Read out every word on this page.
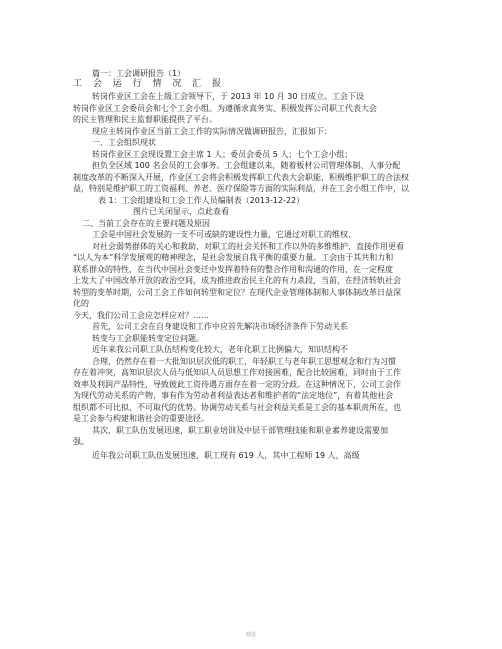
篇一：工会调研报告（1）
工 会 运 行 情 况 汇 报
转岗作业区工会在上级工会领导下，于 2013 年 10 月 30 日成立。工会下设
转岗作业区工会委员会和七个工会小组。为遵循求真务实、积极发挥公司职工代表大会
的民主管理和民主监督职能提供了平台。
现应主转岗作业区当前工会工作的实际情况做调研报告，汇报如下：
一、工会组织现状
转岗作业区工会现设置工会主席 1 人；委员会委员 5 人；七个工会小组；
担负全区域 100 名会员的工会事务。工会组建以来，随着板材公司管理体制、人事分配
制度改革的不断深入开展，作业区工会将会积极发挥职工代表大会职能，积极维护职工的合法权
益，特别是维护职工的工资福利、养老、医疗保险等方面的实际利益，并在工会小组工作中，以
表 1：工会组建设和工会工作人员编制表（2013-12-22）
图片已关闭显示，点此查看
二、当前工会存在的主要问题及原因
工会是中国社会发展的一支不可或缺的建设性力量，它通过对职工的维权、
对社会弱势群体的关心和救助、对职工的社会关怀和工作以外的多维维护、直接作用更看
“以人为本”科学发展观的精神理念，是社会发展自我平衡的重要力量。工会由于其共和力和
联系群众的特性，在当代中国社会变迁中发挥着特有的整合作用和沟通的作用，在一定程度
上发大了中国改革开放的政治空间，成为推进政治民主化的有力杀段，当前，在经济转轨社会
转型的变革时期，公司工会工作如何转型和定位？在现代企业管理体制和人事体制改革日益深
化的
今天，我们公司工会应怎样应对？……
首先，公司工会在自身建设和工作中应首先解决市场经济条件下劳动关系
转变与工会职能转变定位问题。
近年来我公司职工队伍结构变化较大，老年化职工比例偏大，知识结构不
合理，仍然存在着一大批知识层次低的职工，年轻职工与老年职工思想观念和行为习惯
存在着冲突，高知识层次人员与低知识人员思想工作对接困难，配合比较困难，同时由于工作
效率及利润产品特性，导致彼此工资待遇方面存在着一定的分歧。在这种情况下，公司工会作
为现代劳动关系的产物，事有作为劳动者利益表达者和维护者的“法定地位”，有着其他社会
组织都不可比拟、不可取代的优势。协调劳动关系与社会利益关系是工会的基本职责所在，也
是工会参与构建和谐社会的重要途径。
其次，职工队伍发展迅速，职工职业培训及中层干部管理技能和职业素养建设需要加
强。
近年我公司职工队伍发展迅速，职工现有 619 人，其中工程师 19 人，高级
精选
